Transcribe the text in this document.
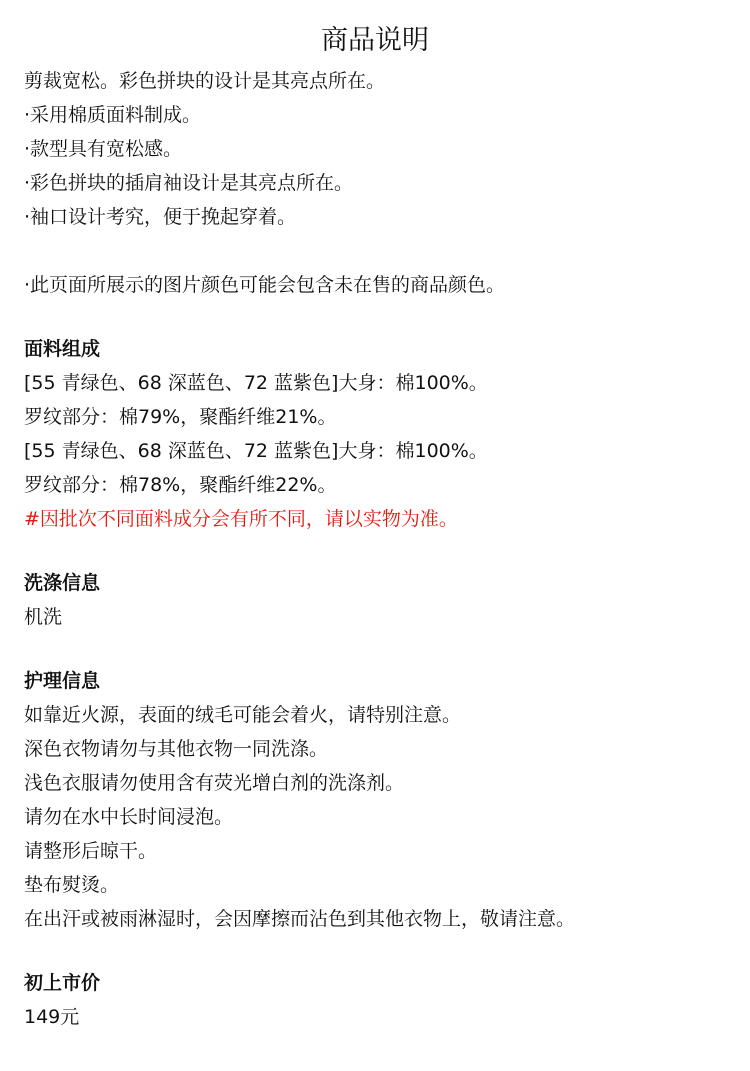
商品说明
剪裁宽松。彩色拼块的设计是其亮点所在。
·采用棉质面料制成。
·款型具有宽松感。
·彩色拼块的插肩袖设计是其亮点所在。
·袖口设计考究，便于挽起穿着。
·此页面所展示的图片颜色可能会包含未在售的商品颜色。
面料组成
[55 青绿色、68 深蓝色、72 蓝紫色]大身：棉100%。
罗纹部分：棉79%，聚酯纤维21%。
[55 青绿色、68 深蓝色、72 蓝紫色]大身：棉100%。
罗纹部分：棉78%，聚酯纤维22%。
#因批次不同面料成分会有所不同，请以实物为准。
洗涤信息
机洗
护理信息
如靠近火源，表面的绒毛可能会着火，请特别注意。
深色衣物请勿与其他衣物一同洗涤。
浅色衣服请勿使用含有荧光增白剂的洗涤剂。
请勿在水中长时间浸泡。
请整形后晾干。
垫布熨烫。
在出汗或被雨淋湿时，会因摩擦而沾色到其他衣物上，敬请注意。
初上市价
149元
